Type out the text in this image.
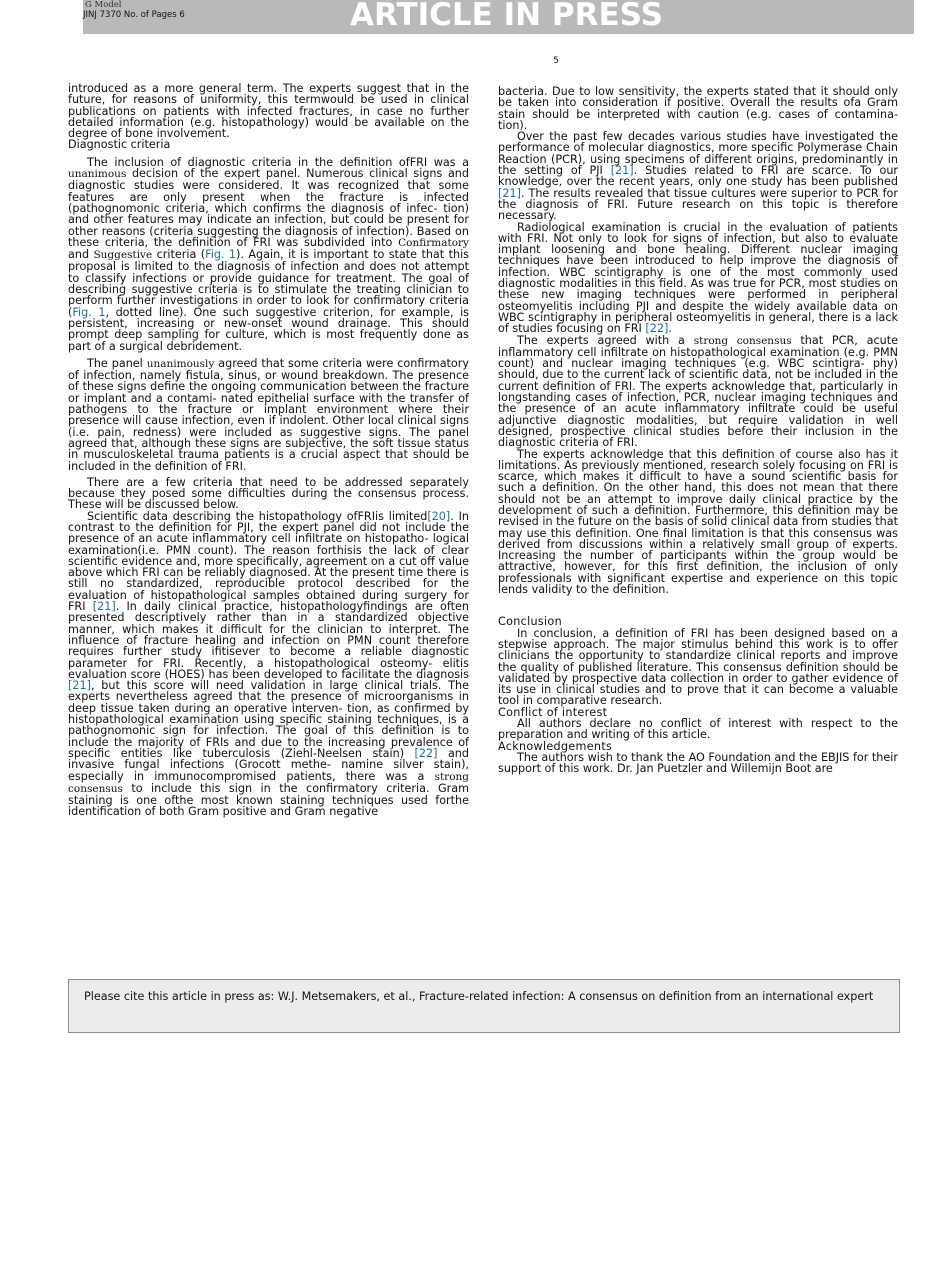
G Model
JINJ 7370 No. of Pages 6	ARTICLE IN PRESS
5

introduced as a more general term. The experts suggest that in the future, for reasons of uniformity, this termwould be used in clinical publications on patients with infected fractures, in case no further detailed information (e.g. histopathology) would be available on the degree of bone involvement.

Diagnostic criteria

The inclusion of diagnostic criteria in the definition ofFRI was a unanimous decision of the expert panel. Numerous clinical signs and diagnostic studies were considered. It was recognized that some features are only present when the fracture is infected (pathognomonic criteria, which confirms the diagnosis of infec- tion) and other features may indicate an infection, but could be present for other reasons (criteria suggesting the diagnosis of infection). Based on these criteria, the definition of FRI was subdivided into Confirmatory and Suggestive criteria (Fig. 1). Again, it is important to state that this proposal is limited to the diagnosis of infection and does not attempt to classify infections or provide guidance for treatment. The goal of describing suggestive criteria is to stimulate the treating clinician to perform further investigations in order to look for confirmatory criteria (Fig. 1, dotted line). One such suggestive criterion, for example, is persistent, increasing or new-onset wound drainage. This should prompt deep sampling for culture, which is most frequently done as part of a surgical debridement.

The panel unanimously agreed that some criteria were confirmatory of infection, namely fistula, sinus, or wound breakdown. The presence of these signs define the ongoing communication between the fracture or implant and a contami- nated epithelial surface with the transfer of pathogens to the fracture or implant environment where their presence will cause infection, even if indolent. Other local clinical signs (i.e. pain, redness) were included as suggestive signs. The panel agreed that, although these signs are subjective, the soft tissue status in musculoskeletal trauma patients is a crucial aspect that should be included in the definition of FRI.

There are a few criteria that need to be addressed separately because they posed some difficulties during the consensus process. These will be discussed below.

Scientific data describing the histopathology ofFRIis limited[20]. In contrast to the definition for PJI, the expert panel did not include the presence of an acute inflammatory cell infiltrate on histopatho- logical examination(i.e. PMN count). The reason forthisis the lack of clear scientific evidence and, more specifically, agreement on a cut off value above which FRI can be reliably diagnosed. At the present time there is still no standardized, reproducible protocol described for the evaluation of histopathological samples obtained during surgery for FRI [21]. In daily clinical practice, histopathologyfindings are often presented descriptively rather than in a standardized objective manner, which makes it difficult for the clinician to interpret. The influence of fracture healing and infection on PMN count therefore requires further study ifitisever to become a reliable diagnostic parameter for FRI. Recently, a histopathological osteomy- elitis evaluation score (HOES) has been developed to facilitate the diagnosis [21], but this score will need validation in large clinical trials. The experts nevertheless agreed that the presence of microorganisms in deep tissue taken during an operative interven- tion, as confirmed by histopathological examination using specific staining techniques, is a pathognomonic sign for infection. The goal of this definition is to include the majority of FRIs and due to the increasing prevalence of specific entities like tuberculosis (Ziehl-Neelsen stain) [22] and invasive fungal infections (Grocott methe- namine silver stain), especially in immunocompromised patients, there was a strong consensus to include this sign in the confirmatory criteria. Gram staining is one ofthe most known staining techniques used forthe identification of both Gram positive and Gram negative

bacteria. Due to low sensitivity, the experts stated that it should only be taken into consideration if positive. Overall the results ofa Gram stain should be interpreted with caution (e.g. cases of contamina- tion).

Over the past few decades various studies have investigated the performance of molecular diagnostics, more specific Polymerase Chain Reaction (PCR), using specimens of different origins, predominantly in the setting of PJI [21]. Studies related to FRI are scarce. To our knowledge, over the recent years, only one study has been published [21]. The results revealed that tissue cultures were superior to PCR for the diagnosis of FRI. Future research on this topic is therefore necessary.

Radiological examination is crucial in the evaluation of patients with FRI. Not only to look for signs of infection, but also to evaluate implant loosening and bone healing. Different nuclear imaging techniques have been introduced to help improve the diagnosis of infection. WBC scintigraphy is one of the most commonly used diagnostic modalities in this field. As was true for PCR, most studies on these new imaging techniques were performed in peripheral osteomyelitis including PJI and despite the widely available data on WBC scintigraphy in peripheral osteomyelitis in general, there is a lack of studies focusing on FRI [22].

The experts agreed with a strong consensus that PCR, acute inflammatory cell infiltrate on histopathological examination (e.g. PMN count) and nuclear imaging techniques (e.g. WBC scintigra- phy) should, due to the current lack of scientific data, not be included in the current definition of FRI. The experts acknowledge that, particularly in longstanding cases of infection, PCR, nuclear imaging techniques and the presence of an acute inflammatory infiltrate could be useful adjunctive diagnostic modalities, but require validation in well designed, prospective clinical studies before their inclusion in the diagnostic criteria of FRI.

The experts acknowledge that this definition of course also has it limitations. As previously mentioned, research solely focusing on FRI is scarce, which makes it difficult to have a sound scientific basis for such a definition. On the other hand, this does not mean that there should not be an attempt to improve daily clinical practice by the development of such a definition. Furthermore, this definition may be revised in the future on the basis of solid clinical data from studies that may use this definition. One final limitation is that this consensus was derived from discussions within a relatively small group of experts. Increasing the number of participants within the group would be attractive, however, for this first definition, the inclusion of only professionals with significant expertise and experience on this topic lends validity to the definition.

Conclusion

In conclusion, a definition of FRI has been designed based on a stepwise approach. The major stimulus behind this work is to offer clinicians the opportunity to standardize clinical reports and improve the quality of published literature. This consensus definition should be validated by prospective data collection in order to gather evidence of its use in clinical studies and to prove that it can become a valuable tool in comparative research.

Conflict of interest

All authors declare no conflict of interest with respect to the preparation and writing of this article.

Acknowledgements

The authors wish to thank the AO Foundation and the EBJIS for their support of this work. Dr. Jan Puetzler and Willemijn Boot are

Please cite this article in press as: W.J. Metsemakers, et al., Fracture-related infection: A consensus on definition from an international expert
